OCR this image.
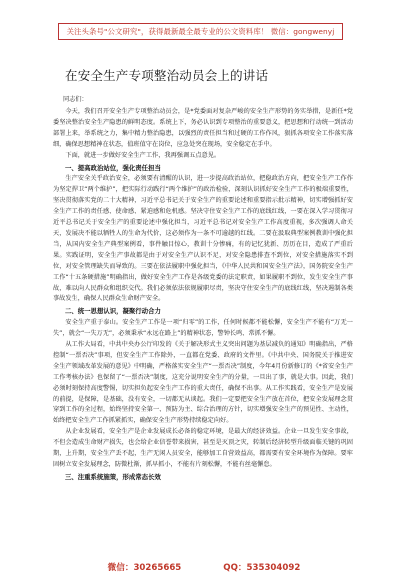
关注头条号"公文研究"，获得最新最全最专业的公文资料库！ 微信：gongwenyj
在安全生产专项整治动员会上的讲话
同志们：

今天，我们召开安全生产专项整治动员会，是*党委面对复杂严峻的安全生产形势的务实举措，是新任*党委坚决整治安全生产隐患的鲜明态度。系统上下，务必认识到专项整治的重要意义，把思想和行动统一到活动部署上来，举系统之力，集中精力整治隐患，以强烈的责任担当和过硬的工作作风，狠抓各项安全工作落实落细，确保思想精神在状态，值班值守在岗位，应急处突在现场，安全稳定在手中。

下面，就进一步做好安全生产工作，我再强调五点意见。

一、提高政治站位，强化责任担当

生产安全关乎政治安全，必须要有清醒的认识，进一步提高政治站位，把稳政治方向，把安全生产工作作为坚定捍卫“两个维护”，把实际行动践行“两个维护”的政治检验，深刻认识抓好安全生产工作的极端重要性，坚决贯彻落实党的二十大精神，习近平总书记关于安全生产的重要论述和重要指示批示精神，切实增强抓好安全生产工作的责任感、使命感、紧迫感和危机感。坚决守住安全生产工作的底线红线，一要在深入学习贯彻习近平总书记关于安全生产的重要论述中强化担当，习近平总书记对安全生产工作高度重视，多次强调人命关天，发展决不能以牺牲人的生命为代价，这必须作为一条不可逾越的红线。二要在汲取典型案例教训中强化担当，从国内安全生产典型案例看，事件触目惊心，教训十分惨痛，有的记忆犹新、历历在目，造成了严重后果。实践证明，安全生产事故都是由于对安全生产认识不足，对安全隐患排查不到位，对安全措施落实不到位，对安全管理缺失而导致的。三要在依法履职中强化担当，《中华人民共和国安全生产法》，国务院安全生产工作“十五条硬措施”明确指出，做好安全生产工作是各级党委的法定职责，如果履职不到位，发生安全生产事故，难以向人民群众和组织交代。我们必须依法依规履职尽责，坚决守住安全生产的底线红线，坚决遏制各类事故发生，确保人民群众生命财产安全。

二、统一思想认识，凝聚行动合力

安全生产重于泰山。安全生产工作是一项“归零”的工作，任何时候都不能松懈，安全生产不能有“万无一失”，就会“一失万无”，必须秉承“永远在路上”的精神状态，警钟长鸣、常抓不懈。

从工作大局看，中共中央办公厅印发的《关于解决形式主义突出问题为基层减负的通知》明确指出，严格控制“一票否决”事项，但安全生产工作除外，一直都在党委、政府的文件里。《中共中央、国务院关于推进安全生产领域改革发展的意见》中明确，严格落实安全生产“一票否决”制度，今年4月份新修订的《*省安全生产工作考核办法》也保留了“一票否决”制度，这充分说明安全生产的分量，一旦出了事，就是大事。因此，我们必须时刻保持高度警惕，切实担负起安全生产工作的重大责任，确保不出事。从工作实践看，安全生产是发展的前提，是保障，是基础，没有安全，一切都无从谈起。我们一定要把安全生产放在首位，把安全发展理念贯穿到工作的全过程，始终坚持安全第一、预防为主、综合治理的方针，切实增强安全生产的预见性、主动性，始终把安全生产工作抓紧抓实，确保安全生产形势持续稳定向好。

从企业发展看，安全生产是企业发展成长必备的稳定环境，是最大的经济效益。企业一旦发生安全事故，不但会造成生命财产损失，也会给企业信誉带来损害，甚至是灭顶之灾，转制后经济转型升级面临关键的巩固期，上升期，安全生产丢不起，生产无闲人员安全，能够加工自营效益高，都需要有安全环境作为保障。要牢固树立安全发展理念，防微杜渐，抓早抓小，不能有片刻松懈，不能有丝毫懈怠。

三、注重系统施策，形成常态长效
微信：30265665	QQ：535304092
